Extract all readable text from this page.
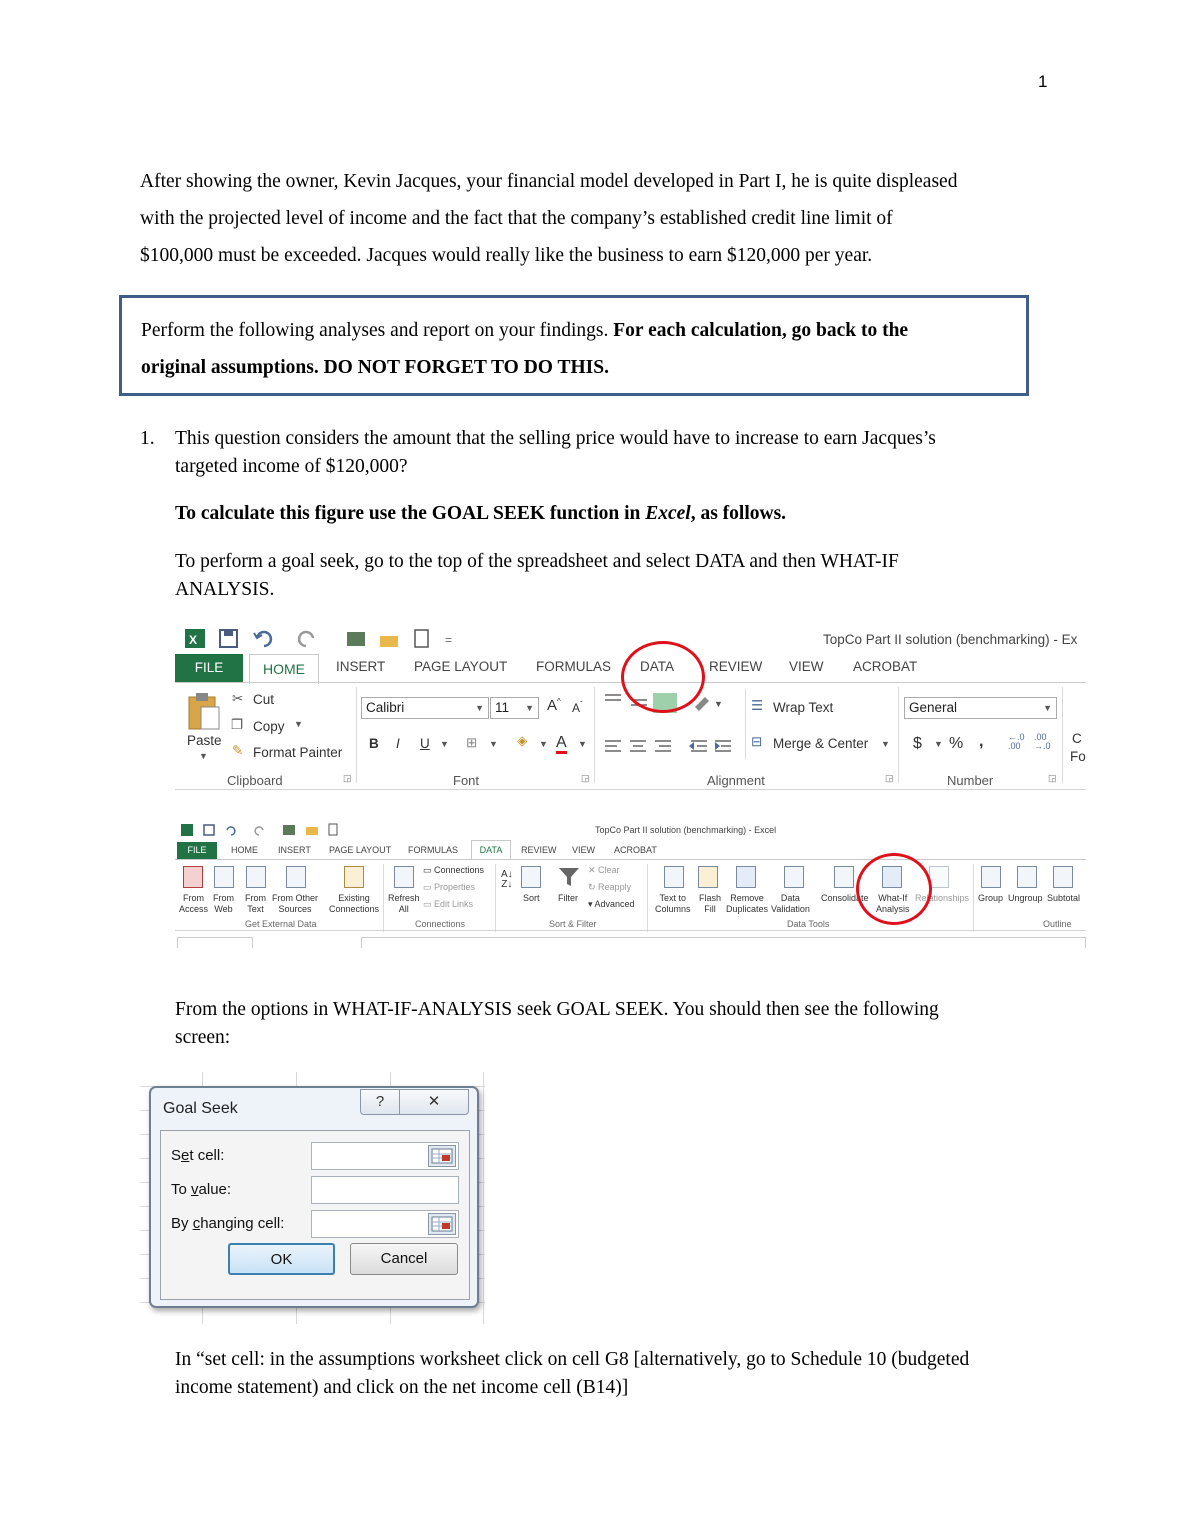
1
After showing the owner, Kevin Jacques, your financial model developed in Part I, he is quite displeased
with the projected level of income and the fact that the company’s established credit line limit of
$100,000 must be exceeded. Jacques would really like the business to earn $120,000 per year.
Perform the following analyses and report on your findings. For each calculation, go back to the
original assumptions. DO NOT FORGET TO DO THIS.
1. This question considers the amount that the selling price would have to increase to earn Jacques’s
targeted income of $120,000?
To calculate this figure use the GOAL SEEK function in Excel, as follows.
To perform a goal seek, go to the top of the spreadsheet and select DATA and then WHAT-IF
ANALYSIS.
X	=	TopCo Part II solution (benchmarking) - Ex
FILE	HOME	INSERT PAGE LAYOUT FORMULAS DATA	REVIEW VIEW ACROBAT
Paste
▼
✂ Cut
❐ Copy ▼
✎ Format Painter
Clipboard	◲
Calibri	▼ 11 ▼ A^ $A^ˇ$
B I U ▼ ⊞ ▼ ◈ ▼ A ▼
Font	◲
▼ ☰ Wrap Text
⊟ Merge & Center ▼
Alignment	◲
General	▼
$ ▼ % ,	←.0
.00
.00
→.0
Number	◲
C
Fo
TopCo Part II solution (benchmarking) - Excel
FILE	HOME INSERT PAGE LAYOUT FORMULAS	DATA	REVIEW VIEW ACROBAT
From
Access
From
Web
From
Text
From Other
Sources
Existing
Connections
Get External Data
Refresh
All
▭ Connections
▭ Properties
▭ Edit Links
Connections
A↓
Z↓
Sort Filter
✕ Clear
↻ Reapply
▾ Advanced
Sort & Filter
Text to
Columns
Flash
Fill
Remove
Duplicates
Data
Validation
Consolidate What-If
Analysis
Relationships
Data Tools
Group Ungroup Subtotal
Outline
From the options in WHAT-IF-ANALYSIS seek GOAL SEEK. You should then see the following
screen:
Goal Seek	?	✕
Set cell:
To value:
By changing cell:
OK	Cancel
In “set cell: in the assumptions worksheet click on cell G8 [alternatively, go to Schedule 10 (budgeted
income statement) and click on the net income cell (B14)]
